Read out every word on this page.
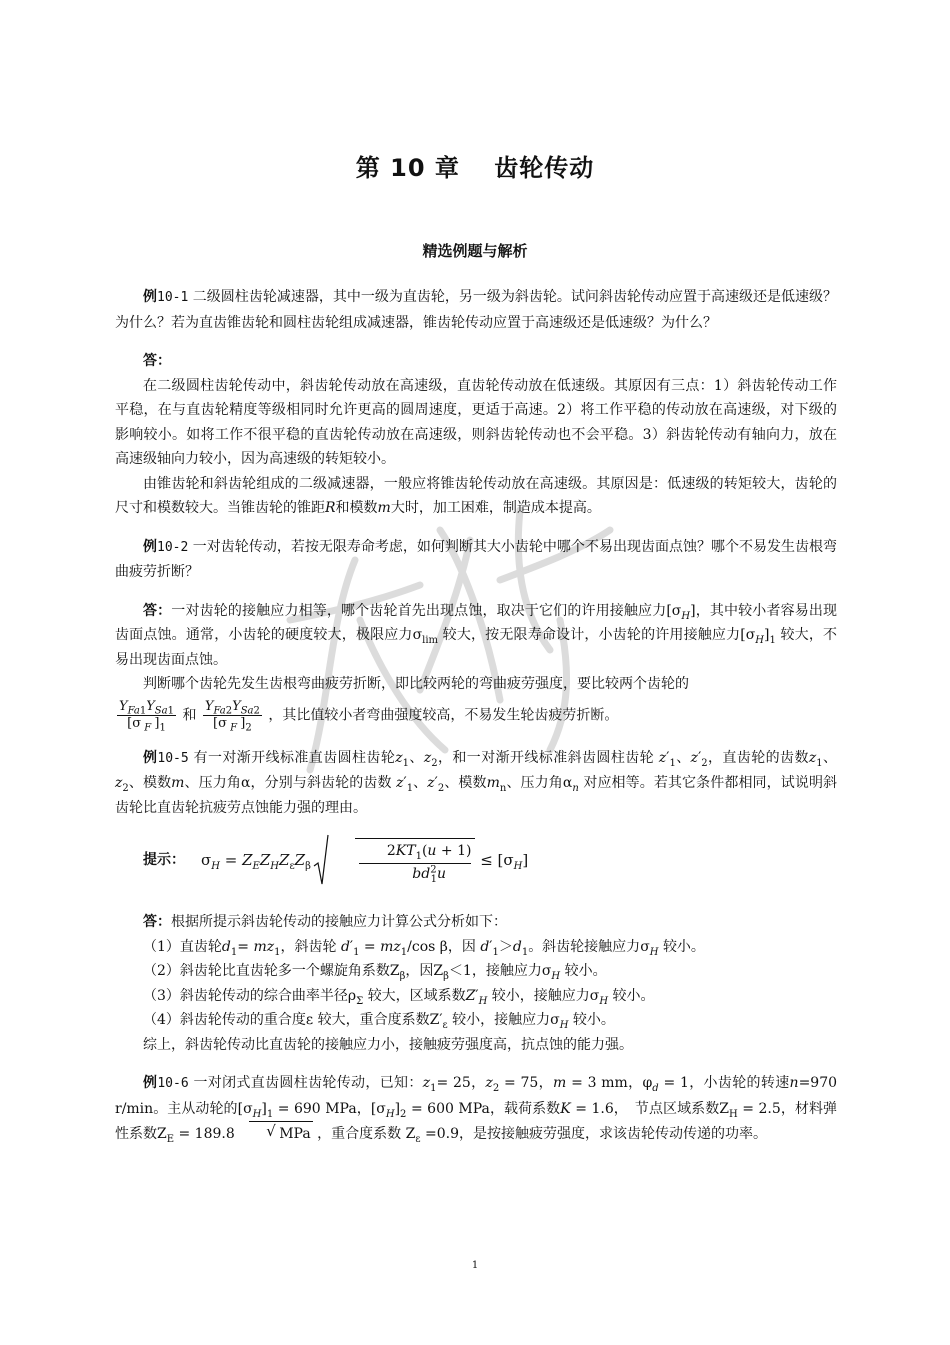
第 10 章　 齿轮传动
精选例题与解析

例10-1 二级圆柱齿轮减速器，其中一级为直齿轮，另一级为斜齿轮。试问斜齿轮传动应置于高速级还是低速级？为什么？若为直齿锥齿轮和圆柱齿轮组成减速器，锥齿轮传动应置于高速级还是低速级？为什么？

答：

在二级圆柱齿轮传动中，斜齿轮传动放在高速级，直齿轮传动放在低速级。其原因有三点：1）斜齿轮传动工作平稳，在与直齿轮精度等级相同时允许更高的圆周速度，更适于高速。2）将工作平稳的传动放在高速级，对下级的影响较小。如将工作不很平稳的直齿轮传动放在高速级，则斜齿轮传动也不会平稳。3）斜齿轮传动有轴向力，放在高速级轴向力较小，因为高速级的转矩较小。

由锥齿轮和斜齿轮组成的二级减速器，一般应将锥齿轮传动放在高速级。其原因是：低速级的转矩较大，齿轮的尺寸和模数较大。当锥齿轮的锥距R和模数m大时，加工困难，制造成本提高。

例10-2 一对齿轮传动，若按无限寿命考虑，如何判断其大小齿轮中哪个不易出现齿面点蚀？哪个不易发生齿根弯曲疲劳折断？

答：一对齿轮的接触应力相等，哪个齿轮首先出现点蚀，取决于它们的许用接触应力$[\sigma_H]$，其中较小者容易出现齿面点蚀。通常，小齿轮的硬度较大，极限应力$\sigma_{lim}$ 较大，按无限寿命设计，小齿轮的许用接触应力$[\sigma_H]_1$ 较大，不易出现齿面点蚀。

判断哪个齿轮先发生齿根弯曲疲劳折断，即比较两轮的弯曲疲劳强度，要比较两个齿轮的

$\frac{Y_{Fa1}Y_{Sa1}}{[\sigma _F ]_1}$ 和 $\frac{Y_{Fa2}Y_{Sa2}}{[\sigma _F ]_2}$ ，其比值较小者弯曲强度较高，不易发生轮齿疲劳折断。

例10-5 有一对渐开线标准直齿圆柱齿轮$z_1$、$z_2$，和一对渐开线标准斜齿圆柱齿轮 $z'_1$、$z'_2$，直齿轮的齿数$z_1$、$z_2$、模数m、压力角α，分别与斜齿轮的齿数 $z'_1$、$z'_2$、模数$m_n$、压力角$\alpha_n$ 对应相等。若其它条件都相同，试说明斜齿轮比直齿轮抗疲劳点蚀能力强的理由。

提示：	$\sigma_H = Z_EZ_HZ_\varepsilon Z_\beta$	$\frac{2KT_1(u + 1)}{bd^2_1u} \le [\sigma_H]$

答：根据所提示斜齿轮传动的接触应力计算公式分析如下：

（1）直齿轮$d_1= mz_1$，斜齿轮 $d'_1 = mz_1/\cos$ β，因 $d'_1>d_1$。斜齿轮接触应力$\sigma_H$ 较小。

（2）斜齿轮比直齿轮多一个螺旋角系数$Z_\beta$，因$Z_\beta<1$，接触应力$\sigma_H$ 较小。

（3）斜齿轮传动的综合曲率半径$\rho_\Sigma$ 较大，区域系数$Z'_H$ 较小，接触应力$\sigma_H$ 较小。

（4）斜齿轮传动的重合度ε 较大，重合度系数$Z'_\varepsilon$ 较小，接触应力$\sigma_H$ 较小。

综上，斜齿轮传动比直齿轮的接触应力小，接触疲劳强度高，抗点蚀的能力强。

例10-6 一对闭式直齿圆柱齿轮传动，已知：$z_1= 25$，$z_2 = 75$，m = 3 mm，$\varphi_d = 1$，小齿轮的转速n=970 r/min。主从动轮的$[\sigma_H]_1 = 690$ MPa，$[\sigma_H]_2 = 600$ MPa，载荷系数K = 1.6，　节点区域系数$Z_H = 2.5$，材料弹性系数$Z_E = 189.8$ √	MPa ，重合度系数 $Z_\varepsilon =0.9$，是按接触疲劳强度，求该齿轮传动传递的功率。

1
